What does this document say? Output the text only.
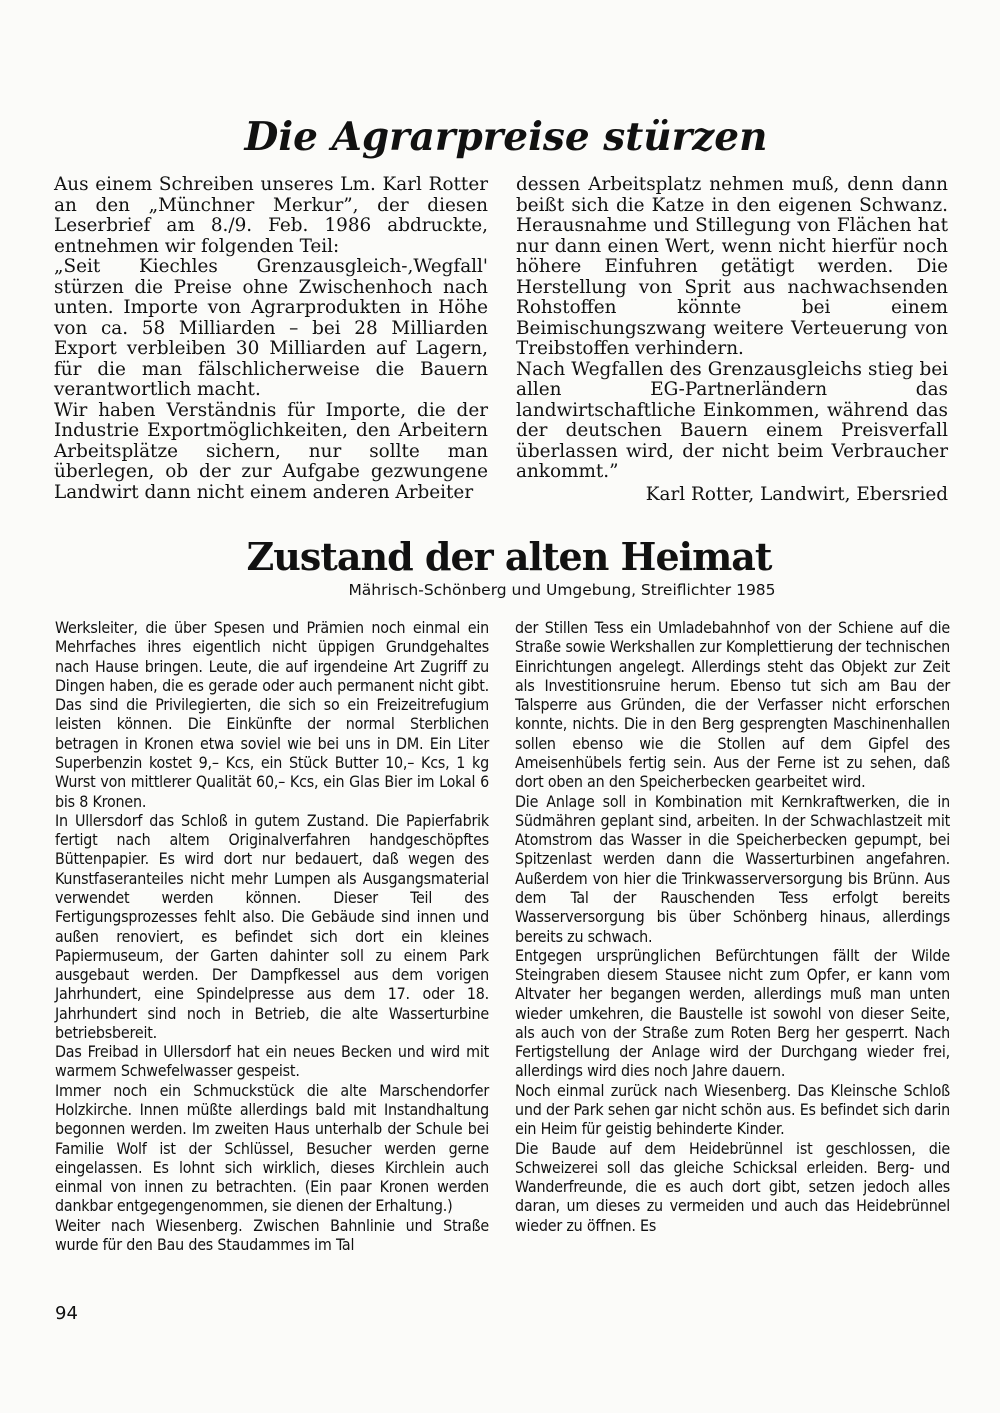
Die Agrarpreise stürzen

Aus einem Schreiben unseres Lm. Karl Rotter an den „Münchner Merkur”, der diesen Leserbrief am 8./9. Feb. 1986 abdruckte, entnehmen wir folgenden Teil:

„Seit Kiechles Grenzausgleich-,Wegfall' stürzen die Preise ohne Zwischenhoch nach unten. Importe von Agrarprodukten in Höhe von ca. 58 Milliarden – bei 28 Milliarden Export verbleiben 30 Milliarden auf Lagern, für die man fälschlicherweise die Bauern verantwortlich macht.

Wir haben Verständnis für Importe, die der Industrie Exportmöglichkeiten, den Arbeitern Arbeitsplätze sichern, nur sollte man überlegen, ob der zur Aufgabe gezwungene Landwirt dann nicht einem anderen Arbeiter

dessen Arbeitsplatz nehmen muß, denn dann beißt sich die Katze in den eigenen Schwanz. Herausnahme und Stillegung von Flächen hat nur dann einen Wert, wenn nicht hierfür noch höhere Einfuhren getätigt werden. Die Herstellung von Sprit aus nachwachsenden Rohstoffen könnte bei einem Beimischungszwang weitere Verteuerung von Treibstoffen verhindern.

Nach Wegfallen des Grenzausgleichs stieg bei allen EG-Partnerländern das landwirtschaftliche Einkommen, während das der deutschen Bauern einem Preisverfall überlassen wird, der nicht beim Verbraucher ankommt.”

Karl Rotter, Landwirt, Ebersried

Zustand der alten Heimat

Mährisch-Schönberg und Umgebung, Streiflichter 1985

Werksleiter, die über Spesen und Prämien noch einmal ein Mehrfaches ihres eigentlich nicht üppigen Grundgehaltes nach Hause bringen. Leute, die auf irgendeine Art Zugriff zu Dingen haben, die es gerade oder auch permanent nicht gibt. Das sind die Privilegierten, die sich so ein Freizeitrefugium leisten können. Die Einkünfte der normal Sterblichen betragen in Kronen etwa soviel wie bei uns in DM. Ein Liter Superbenzin kostet 9,– Kcs, ein Stück Butter 10,– Kcs, 1 kg Wurst von mittlerer Qualität 60,– Kcs, ein Glas Bier im Lokal 6 bis 8 Kronen.

In Ullersdorf das Schloß in gutem Zustand. Die Papierfabrik fertigt nach altem Originalverfahren handgeschöpftes Büttenpapier. Es wird dort nur bedauert, daß wegen des Kunstfaseranteiles nicht mehr Lumpen als Ausgangsmaterial verwendet werden können. Dieser Teil des Fertigungsprozesses fehlt also. Die Gebäude sind innen und außen renoviert, es befindet sich dort ein kleines Papiermuseum, der Garten dahinter soll zu einem Park ausgebaut werden. Der Dampfkessel aus dem vorigen Jahrhundert, eine Spindelpresse aus dem 17. oder 18. Jahrhundert sind noch in Betrieb, die alte Wasserturbine betriebsbereit.

Das Freibad in Ullersdorf hat ein neues Becken und wird mit warmem Schwefelwasser gespeist.

Immer noch ein Schmuckstück die alte Marschendorfer Holzkirche. Innen müßte allerdings bald mit Instandhaltung begonnen werden. Im zweiten Haus unterhalb der Schule bei Familie Wolf ist der Schlüssel, Besucher werden gerne eingelassen. Es lohnt sich wirklich, dieses Kirchlein auch einmal von innen zu betrachten. (Ein paar Kronen werden dankbar entgegengenommen, sie dienen der Erhaltung.)

Weiter nach Wiesenberg. Zwischen Bahnlinie und Straße wurde für den Bau des Staudammes im Tal

der Stillen Tess ein Umladebahnhof von der Schiene auf die Straße sowie Werkshallen zur Komplettierung der technischen Einrichtungen angelegt. Allerdings steht das Objekt zur Zeit als Investitionsruine herum. Ebenso tut sich am Bau der Talsperre aus Gründen, die der Verfasser nicht erforschen konnte, nichts. Die in den Berg gesprengten Maschinenhallen sollen ebenso wie die Stollen auf dem Gipfel des Ameisenhübels fertig sein. Aus der Ferne ist zu sehen, daß dort oben an den Speicherbecken gearbeitet wird.

Die Anlage soll in Kombination mit Kernkraftwerken, die in Südmähren geplant sind, arbeiten. In der Schwachlastzeit mit Atomstrom das Wasser in die Speicherbecken gepumpt, bei Spitzenlast werden dann die Wasserturbinen angefahren. Außerdem von hier die Trinkwasserversorgung bis Brünn. Aus dem Tal der Rauschenden Tess erfolgt bereits Wasserversorgung bis über Schönberg hinaus, allerdings bereits zu schwach.

Entgegen ursprünglichen Befürchtungen fällt der Wilde Steingraben diesem Stausee nicht zum Opfer, er kann vom Altvater her begangen werden, allerdings muß man unten wieder umkehren, die Baustelle ist sowohl von dieser Seite, als auch von der Straße zum Roten Berg her gesperrt. Nach Fertigstellung der Anlage wird der Durchgang wieder frei, allerdings wird dies noch Jahre dauern.

Noch einmal zurück nach Wiesenberg. Das Kleinsche Schloß und der Park sehen gar nicht schön aus. Es befindet sich darin ein Heim für geistig behinderte Kinder.

Die Baude auf dem Heidebrünnel ist geschlossen, die Schweizerei soll das gleiche Schicksal erleiden. Berg- und Wanderfreunde, die es auch dort gibt, setzen jedoch alles daran, um dieses zu vermeiden und auch das Heidebrünnel wieder zu öffnen. Es

94
